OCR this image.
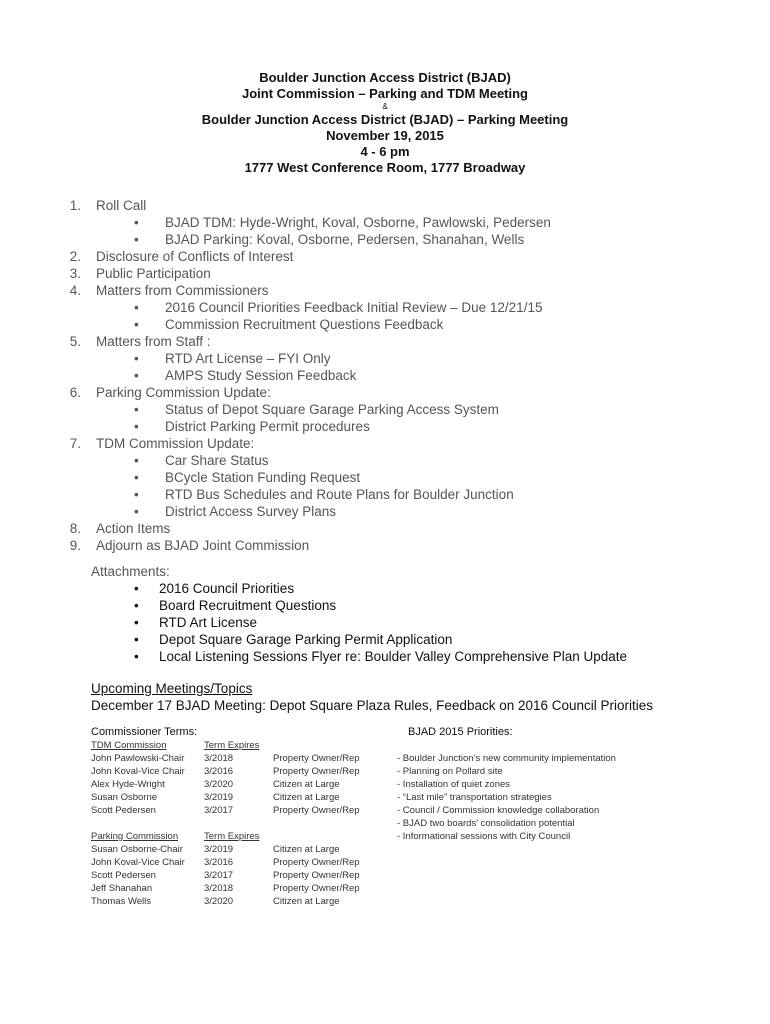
Boulder Junction Access District (BJAD)
Joint Commission – Parking and TDM Meeting
&
Boulder Junction Access District (BJAD) – Parking Meeting
November 19, 2015
4 - 6 pm
1777 West Conference Room, 1777 Broadway
1. Roll Call
• BJAD TDM: Hyde-Wright, Koval, Osborne, Pawlowski, Pedersen
• BJAD Parking: Koval, Osborne, Pedersen, Shanahan, Wells
2. Disclosure of Conflicts of Interest
3. Public Participation
4. Matters from Commissioners
• 2016 Council Priorities Feedback Initial Review – Due 12/21/15
• Commission Recruitment Questions Feedback
5. Matters from Staff :
• RTD Art License – FYI Only
• AMPS Study Session Feedback
6. Parking Commission Update:
• Status of Depot Square Garage Parking Access System
• District Parking Permit procedures
7. TDM Commission Update:
• Car Share Status
• BCycle Station Funding Request
• RTD Bus Schedules and Route Plans for Boulder Junction
• District Access Survey Plans
8. Action Items
9. Adjourn as BJAD Joint Commission
Attachments:
• 2016 Council Priorities
• Board Recruitment Questions
• RTD Art License
• Depot Square Garage Parking Permit Application
• Local Listening Sessions Flyer re: Boulder Valley Comprehensive Plan Update
Upcoming Meetings/Topics
December 17 BJAD Meeting: Depot Square Plaza Rules, Feedback on 2016 Council Priorities
Commissioner Terms:
TDM Commission	Term Expires
John Pawlowski-Chair 3/2018	Property Owner/Rep
John Koval-Vice Chair 3/2016	Property Owner/Rep
Alex Hyde-Wright	3/2020	Citizen at Large
Susan Osborne	3/2019	Citizen at Large
Scott Pedersen	3/2017	Property Owner/Rep
Parking Commission	Term Expires
Susan Osborne-Chair 3/2019	Citizen at Large
John Koval-Vice Chair 3/2016	Property Owner/Rep
Scott Pedersen	3/2017	Property Owner/Rep
Jeff Shanahan	3/2018	Property Owner/Rep
Thomas Wells	3/2020	Citizen at Large
BJAD 2015 Priorities:
- Boulder Junction’s new community implementation
- Planning on Pollard site
- Installation of quiet zones
- “Last mile” transportation strategies
- Council / Commission knowledge collaboration
- BJAD two boards’ consolidation potential
- Informational sessions with City Council
